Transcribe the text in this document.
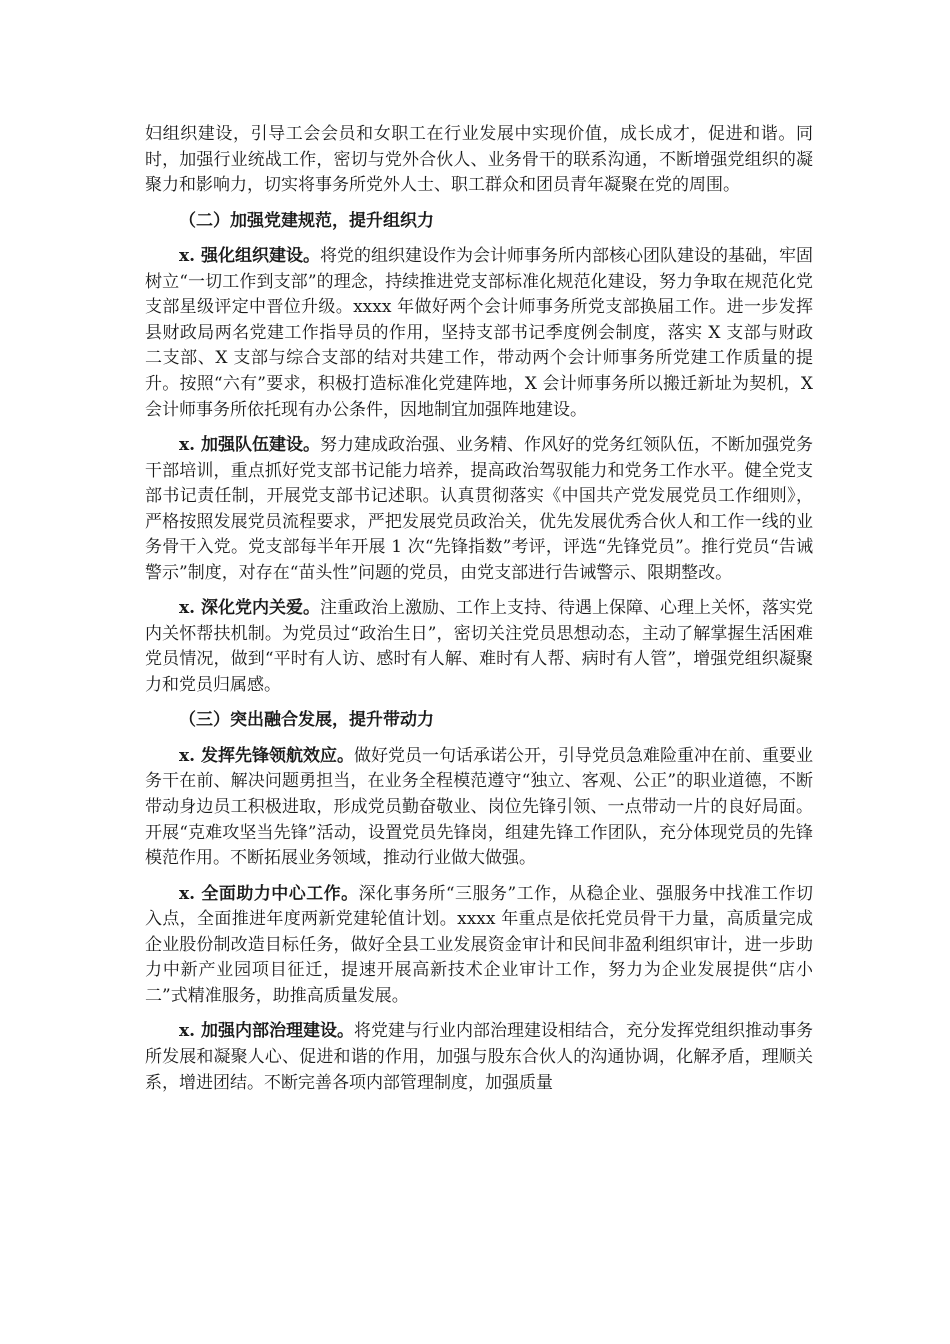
妇组织建设，引导工会会员和女职工在行业发展中实现价值，成长成才，促进和谐。同时，加强行业统战工作，密切与党外合伙人、业务骨干的联系沟通，不断增强党组织的凝聚力和影响力，切实将事务所党外人士、职工群众和团员青年凝聚在党的周围。

（二）加强党建规范，提升组织力

x. 强化组织建设。将党的组织建设作为会计师事务所内部核心团队建设的基础，牢固树立“一切工作到支部”的理念，持续推进党支部标准化规范化建设，努力争取在规范化党支部星级评定中晋位升级。xxxx 年做好两个会计师事务所党支部换届工作。进一步发挥县财政局两名党建工作指导员的作用，坚持支部书记季度例会制度，落实 X 支部与财政二支部、X 支部与综合支部的结对共建工作，带动两个会计师事务所党建工作质量的提升。按照“六有”要求，积极打造标准化党建阵地，X 会计师事务所以搬迁新址为契机，X 会计师事务所依托现有办公条件，因地制宜加强阵地建设。

x. 加强队伍建设。努力建成政治强、业务精、作风好的党务红领队伍，不断加强党务干部培训，重点抓好党支部书记能力培养，提高政治驾驭能力和党务工作水平。健全党支部书记责任制，开展党支部书记述职。认真贯彻落实《中国共产党发展党员工作细则》，严格按照发展党员流程要求，严把发展党员政治关，优先发展优秀合伙人和工作一线的业务骨干入党。党支部每半年开展 1 次“先锋指数”考评，评选“先锋党员”。推行党员“告诫警示”制度，对存在“苗头性”问题的党员，由党支部进行告诫警示、限期整改。

x. 深化党内关爱。注重政治上激励、工作上支持、待遇上保障、心理上关怀，落实党内关怀帮扶机制。为党员过“政治生日”，密切关注党员思想动态，主动了解掌握生活困难党员情况，做到“平时有人访、感时有人解、难时有人帮、病时有人管”，增强党组织凝聚力和党员归属感。

（三）突出融合发展，提升带动力

x. 发挥先锋领航效应。做好党员一句话承诺公开，引导党员急难险重冲在前、重要业务干在前、解决问题勇担当，在业务全程模范遵守“独立、客观、公正”的职业道德，不断带动身边员工积极进取，形成党员勤奋敬业、岗位先锋引领、一点带动一片的良好局面。开展“克难攻坚当先锋”活动，设置党员先锋岗，组建先锋工作团队，充分体现党员的先锋模范作用。不断拓展业务领域，推动行业做大做强。

x. 全面助力中心工作。深化事务所“三服务”工作，从稳企业、强服务中找准工作切入点，全面推进年度两新党建轮值计划。xxxx 年重点是依托党员骨干力量，高质量完成企业股份制改造目标任务，做好全县工业发展资金审计和民间非盈利组织审计，进一步助力中新产业园项目征迁，提速开展高新技术企业审计工作，努力为企业发展提供“店小二”式精准服务，助推高质量发展。

x. 加强内部治理建设。将党建与行业内部治理建设相结合，充分发挥党组织推动事务所发展和凝聚人心、促进和谐的作用，加强与股东合伙人的沟通协调，化解矛盾，理顺关系，增进团结。不断完善各项内部管理制度，加强质量
